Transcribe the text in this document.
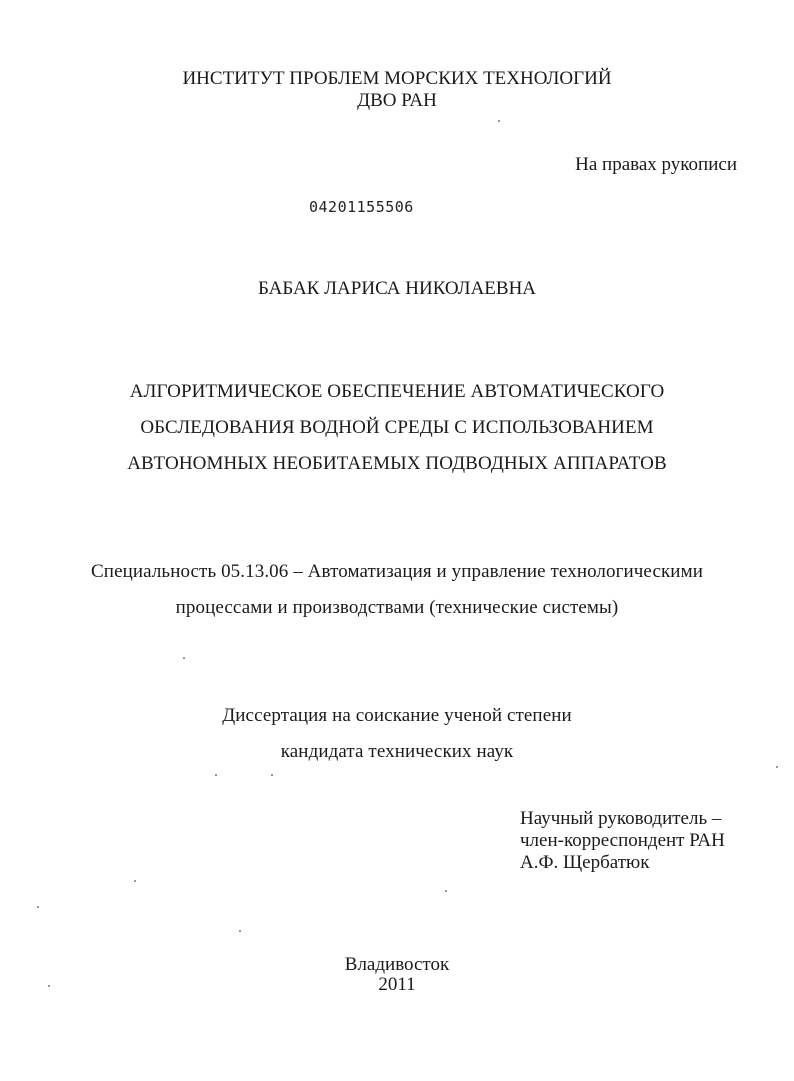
ИНСТИТУТ ПРОБЛЕМ МОРСКИХ ТЕХНОЛОГИЙ
ДВО РАН
На правах рукописи
04201155506
БАБАК ЛАРИСА НИКОЛАЕВНА
АЛГОРИТМИЧЕСКОЕ ОБЕСПЕЧЕНИЕ АВТОМАТИЧЕСКОГО
ОБСЛЕДОВАНИЯ ВОДНОЙ СРЕДЫ С ИСПОЛЬЗОВАНИЕМ
АВТОНОМНЫХ НЕОБИТАЕМЫХ ПОДВОДНЫХ АППАРАТОВ
Специальность 05.13.06 – Автоматизация и управление технологическими
процессами и производствами (технические системы)
Диссертация на соискание ученой степени
кандидата технических наук
Научный руководитель –
член-корреспондент РАН
А.Ф. Щербатюк
Владивосток
2011
